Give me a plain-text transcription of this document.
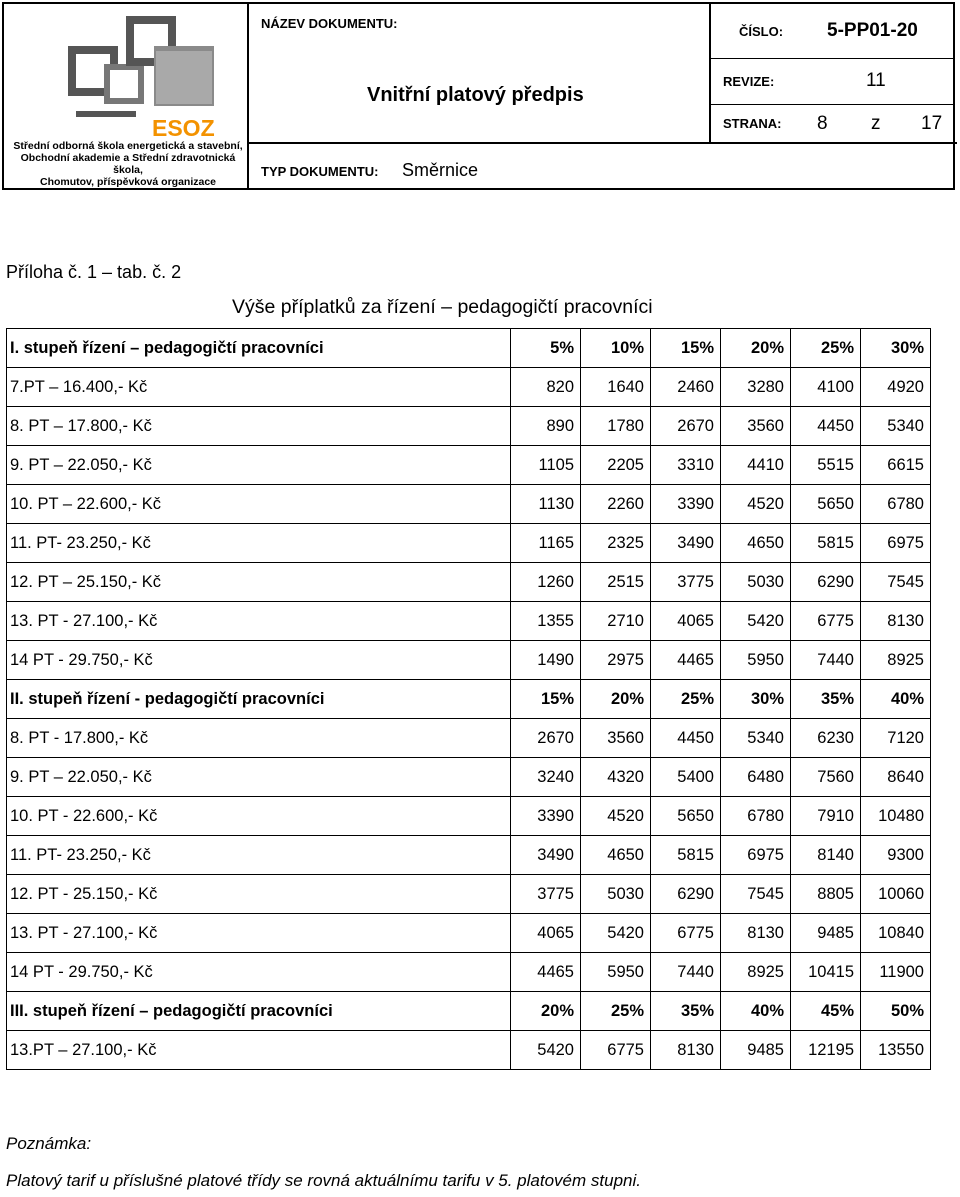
ESOZ
Střední odborná škola energetická a stavební,
Obchodní akademie a Střední zdravotnická škola,
Chomutov, příspěvková organizace
NÁZEV DOKUMENTU:
Vnitřní platový předpis
ČÍSLO: 5-PP01-20
REVIZE:	11
STRANA: 8 z 17
TYP DOKUMENTU: Směrnice
Příloha č. 1 – tab. č. 2
Výše příplatků za řízení – pedagogičtí pracovníci
I. stupeň řízení – pedagogičtí pracovníci	5%	10%	15%	20%	25%	30%
7.PT – 16.400,- Kč	820	1640	2460	3280	4100	4920
8. PT – 17.800,- Kč	890	1780	2670	3560	4450	5340
9. PT – 22.050,- Kč	1105	2205	3310	4410	5515	6615
10. PT – 22.600,- Kč	1130	2260	3390	4520	5650	6780
11. PT- 23.250,- Kč	1165	2325	3490	4650	5815	6975
12. PT – 25.150,- Kč	1260	2515	3775	5030	6290	7545
13. PT - 27.100,- Kč	1355	2710	4065	5420	6775	8130
14 PT - 29.750,- Kč	1490	2975	4465	5950	7440	8925
II. stupeň řízení - pedagogičtí pracovníci	15%	20%	25%	30%	35%	40%
8. PT - 17.800,- Kč	2670	3560	4450	5340	6230	7120
9. PT – 22.050,- Kč	3240	4320	5400	6480	7560	8640
10. PT - 22.600,- Kč	3390	4520	5650	6780	7910	10480
11. PT- 23.250,- Kč	3490	4650	5815	6975	8140	9300
12. PT - 25.150,- Kč	3775	5030	6290	7545	8805	10060
13. PT - 27.100,- Kč	4065	5420	6775	8130	9485	10840
14 PT - 29.750,- Kč	4465	5950	7440	8925	10415	11900
III. stupeň řízení – pedagogičtí pracovníci	20%	25%	35%	40%	45%	50%
13.PT – 27.100,- Kč	5420	6775	8130	9485	12195	13550
Poznámka:
Platový tarif u příslušné platové třídy se rovná aktuálnímu tarifu v 5. platovém stupni.
